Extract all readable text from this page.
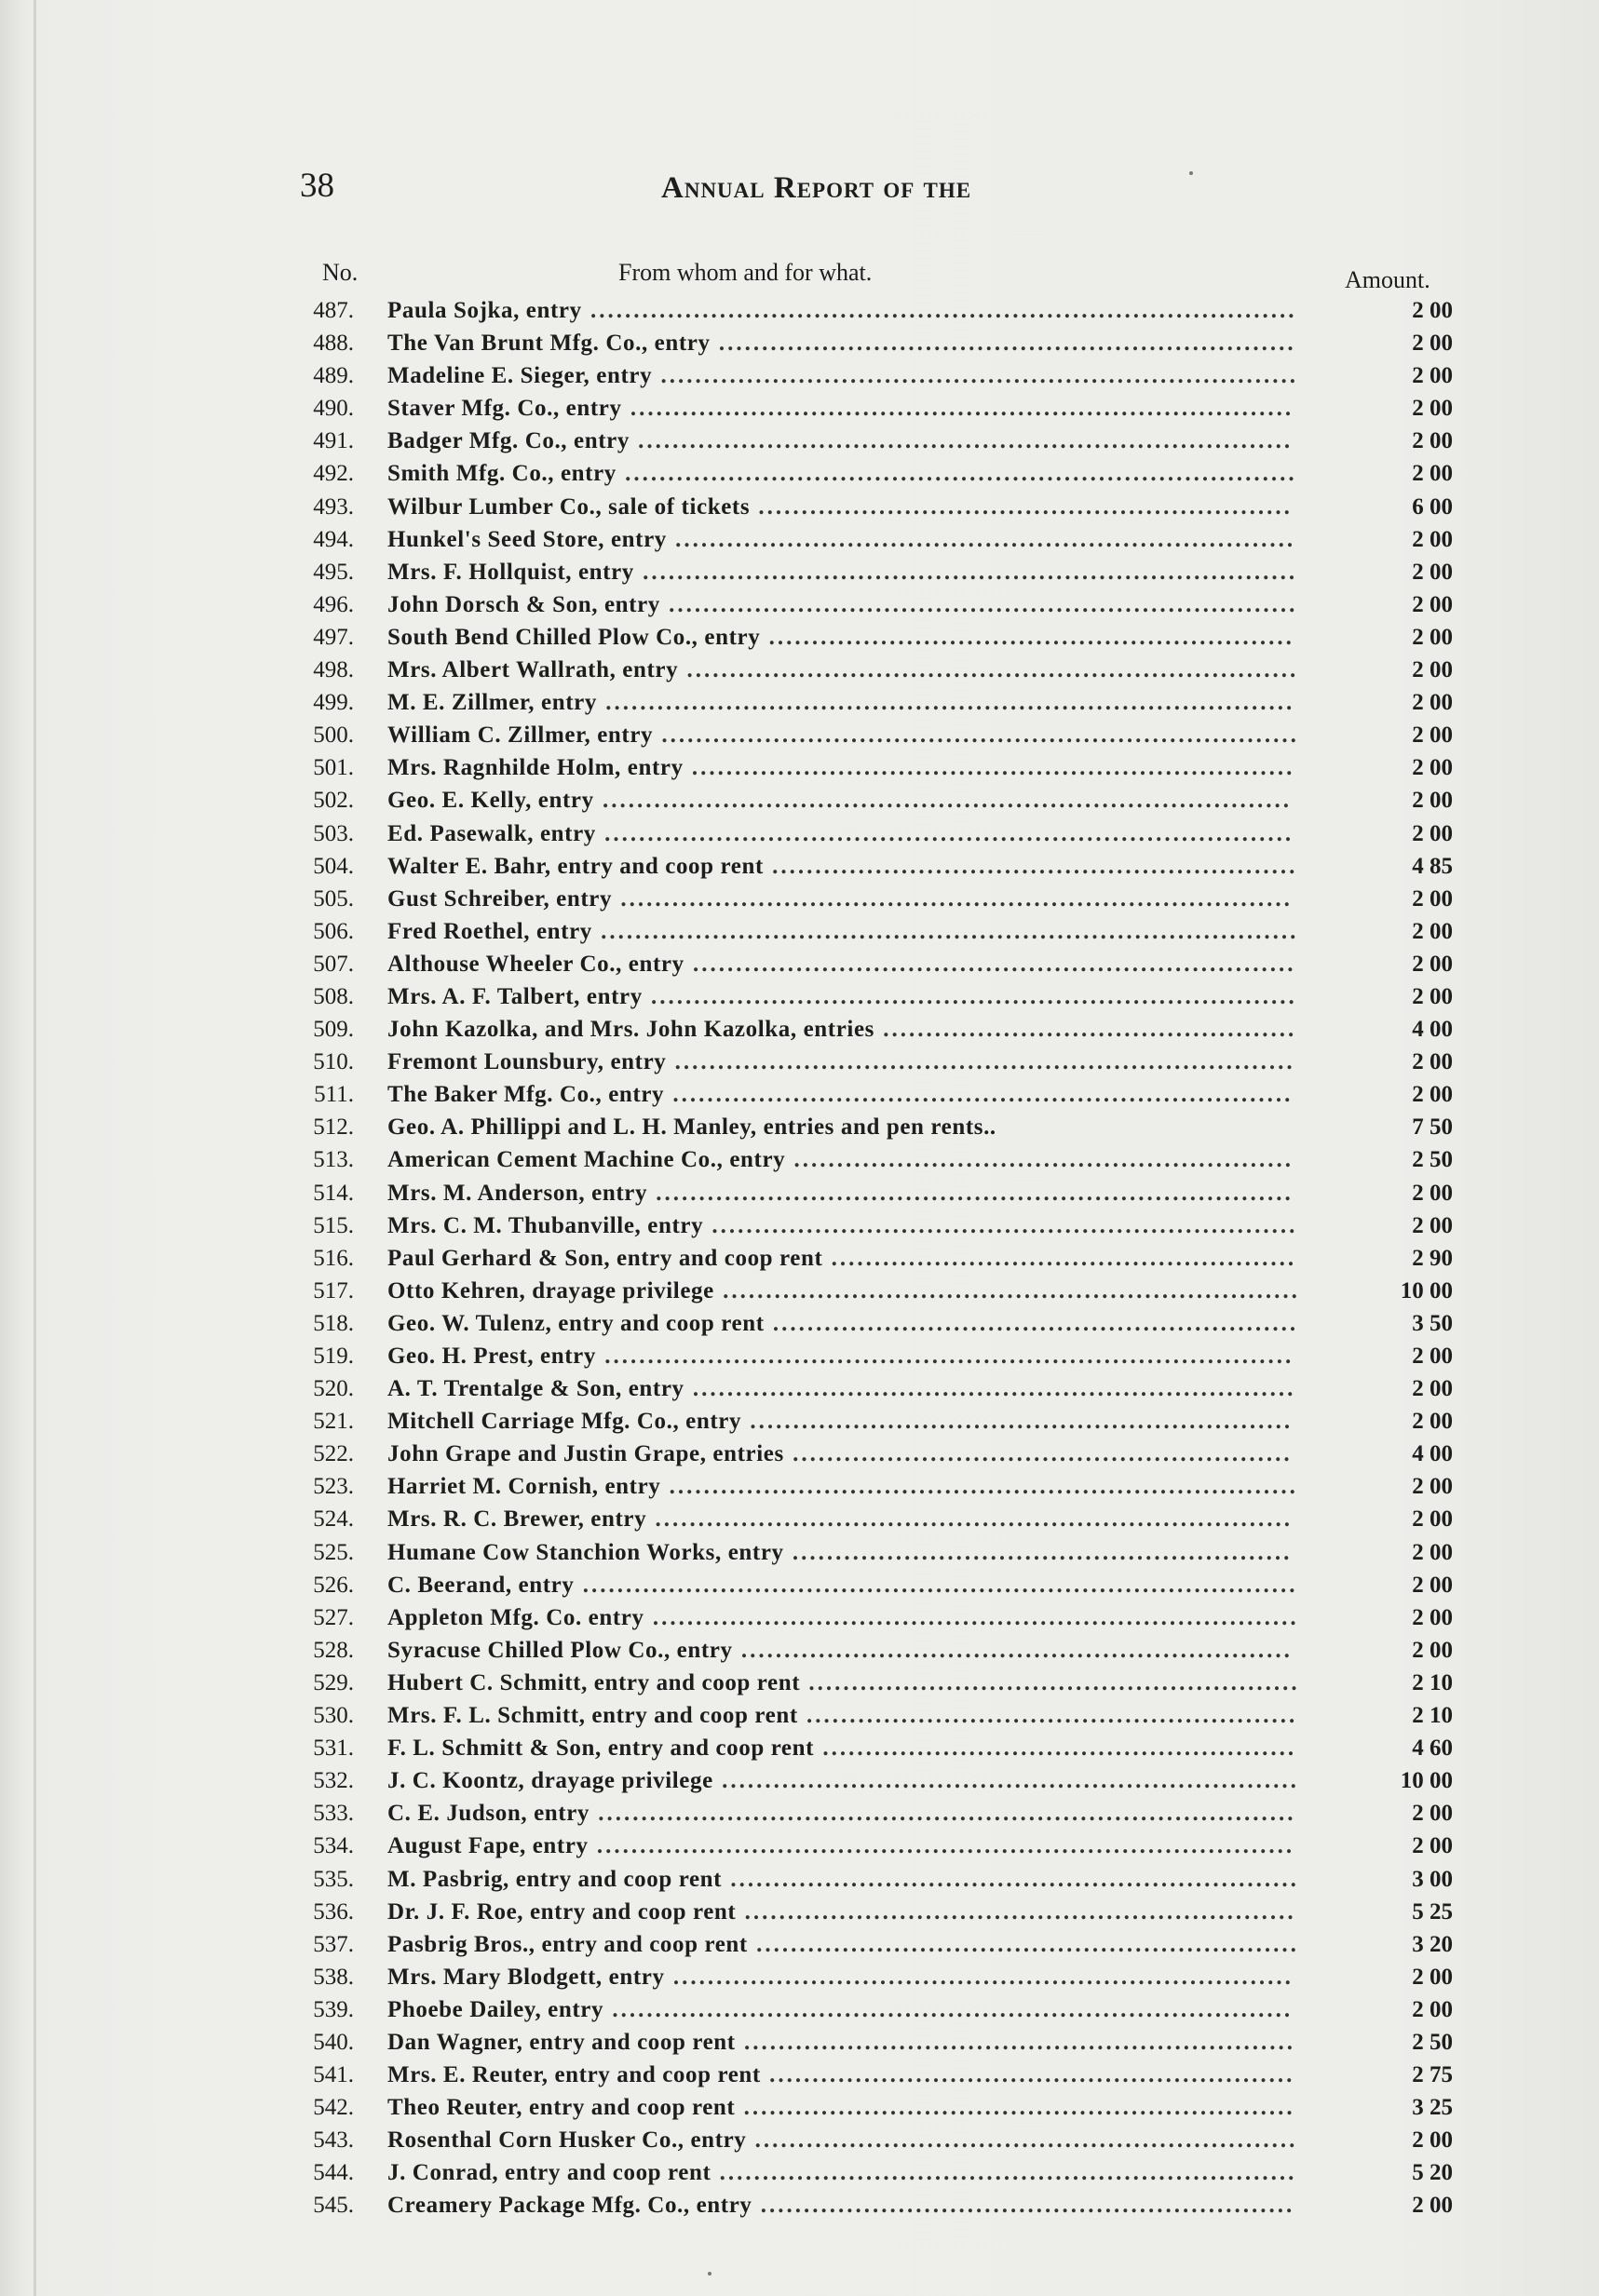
38	Annual Report of the
No.	From whom and for what.	Amount.
487. Paula Sojka, entry ..................................................................................	2 00
488. The Van Brunt Mfg. Co., entry ...................................................................	2 00
489. Madeline E. Sieger, entry ..........................................................................	2 00
490. Staver Mfg. Co., entry .............................................................................	2 00
491. Badger Mfg. Co., entry ............................................................................	2 00
492. Smith Mfg. Co., entry ..............................................................................	2 00
493. Wilbur Lumber Co., sale of tickets ..............................................................	6 00
494. Hunkel's Seed Store, entry ........................................................................	2 00
495. Mrs. F. Hollquist, entry ............................................................................	2 00
496. John Dorsch & Son, entry .........................................................................	2 00
497. South Bend Chilled Plow Co., entry .............................................................	2 00
498. Mrs. Albert Wallrath, entry .......................................................................	2 00
499. M. E. Zillmer, entry ................................................................................	2 00
500. William C. Zillmer, entry ..........................................................................	2 00
501. Mrs. Ragnhilde Holm, entry ......................................................................	2 00
502. Geo. E. Kelly, entry ................................................................................	2 00
503. Ed. Pasewalk, entry ................................................................................	2 00
504. Walter E. Bahr, entry and coop rent .............................................................	4 85
505. Gust Schreiber, entry ..............................................................................	2 00
506. Fred Roethel, entry .................................................................................	2 00
507. Althouse Wheeler Co., entry ......................................................................	2 00
508. Mrs. A. F. Talbert, entry ...........................................................................	2 00
509. John Kazolka, and Mrs. John Kazolka, entries ................................................	4 00
510. Fremont Lounsbury, entry ........................................................................	2 00
511. The Baker Mfg. Co., entry ........................................................................	2 00
512. Geo. A. Phillippi and L. H. Manley, entries and pen rents..	7 50
513. American Cement Machine Co., entry ..........................................................	2 50
514. Mrs. M. Anderson, entry ..........................................................................	2 00
515. Mrs. C. M. Thubanville, entry ....................................................................	2 00
516. Paul Gerhard & Son, entry and coop rent ......................................................	2 90
517. Otto Kehren, drayage privilege ...................................................................	10 00
518. Geo. W. Tulenz, entry and coop rent .............................................................	3 50
519. Geo. H. Prest, entry ................................................................................	2 00
520. A. T. Trentalge & Son, entry ......................................................................	2 00
521. Mitchell Carriage Mfg. Co., entry ...............................................................	2 00
522. John Grape and Justin Grape, entries ..........................................................	4 00
523. Harriet M. Cornish, entry .........................................................................	2 00
524. Mrs. R. C. Brewer, entry ..........................................................................	2 00
525. Humane Cow Stanchion Works, entry ..........................................................	2 00
526. C. Beerand, entry ...................................................................................	2 00
527. Appleton Mfg. Co. entry ...........................................................................	2 00
528. Syracuse Chilled Plow Co., entry ................................................................	2 00
529. Hubert C. Schmitt, entry and coop rent .........................................................	2 10
530. Mrs. F. L. Schmitt, entry and coop rent .........................................................	2 10
531. F. L. Schmitt & Son, entry and coop rent .......................................................	4 60
532. J. C. Koontz, drayage privilege ...................................................................	10 00
533. C. E. Judson, entry .................................................................................	2 00
534. August Fape, entry .................................................................................	2 00
535. M. Pasbrig, entry and coop rent ..................................................................	3 00
536. Dr. J. F. Roe, entry and coop rent ................................................................	5 25
537. Pasbrig Bros., entry and coop rent ...............................................................	3 20
538. Mrs. Mary Blodgett, entry ........................................................................	2 00
539. Phoebe Dailey, entry ...............................................................................	2 00
540. Dan Wagner, entry and coop rent ................................................................	2 50
541. Mrs. E. Reuter, entry and coop rent .............................................................	2 75
542. Theo Reuter, entry and coop rent ................................................................	3 25
543. Rosenthal Corn Husker Co., entry ...............................................................	2 00
544. J. Conrad, entry and coop rent ...................................................................	5 20
545. Creamery Package Mfg. Co., entry ..............................................................	2 00
